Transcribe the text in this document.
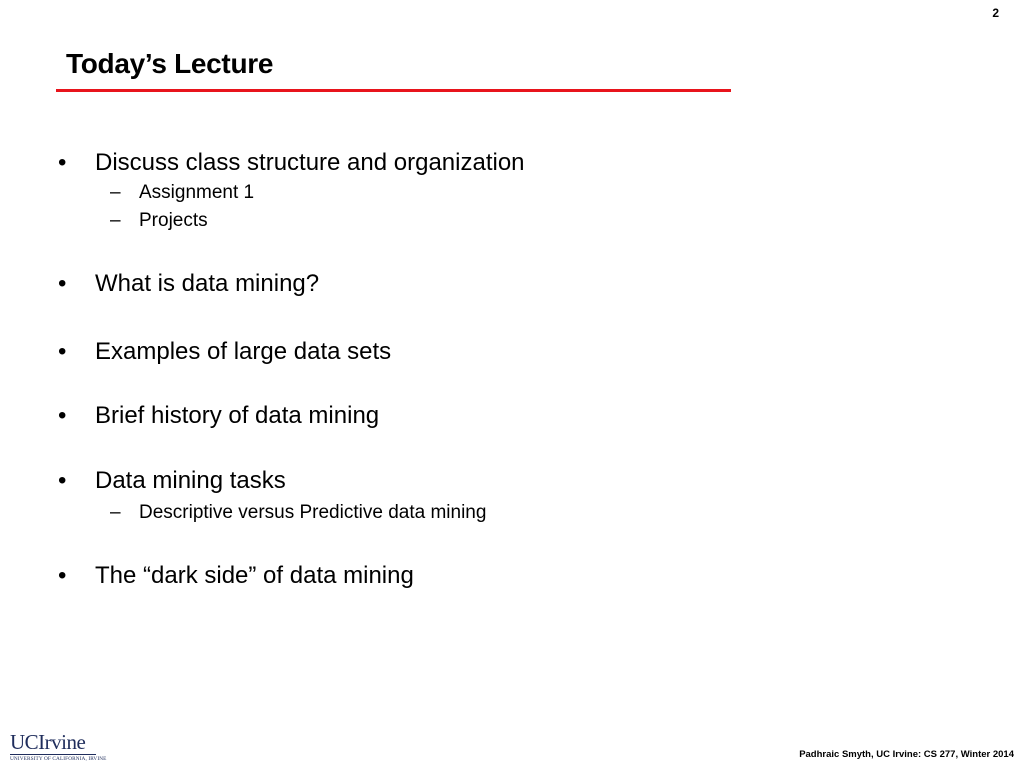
2
Today’s Lecture
•	Discuss class structure and organization
– Assignment 1
– Projects
•	What is data mining?
•	Examples of large data sets
•	Brief history of data mining
•	Data mining tasks
– Descriptive versus Predictive data mining
•	The “dark side” of data mining
UCIrvine
UNIVERSITY OF CALIFORNIA, IRVINE	Padhraic Smyth, UC Irvine: CS 277, Winter 2014
